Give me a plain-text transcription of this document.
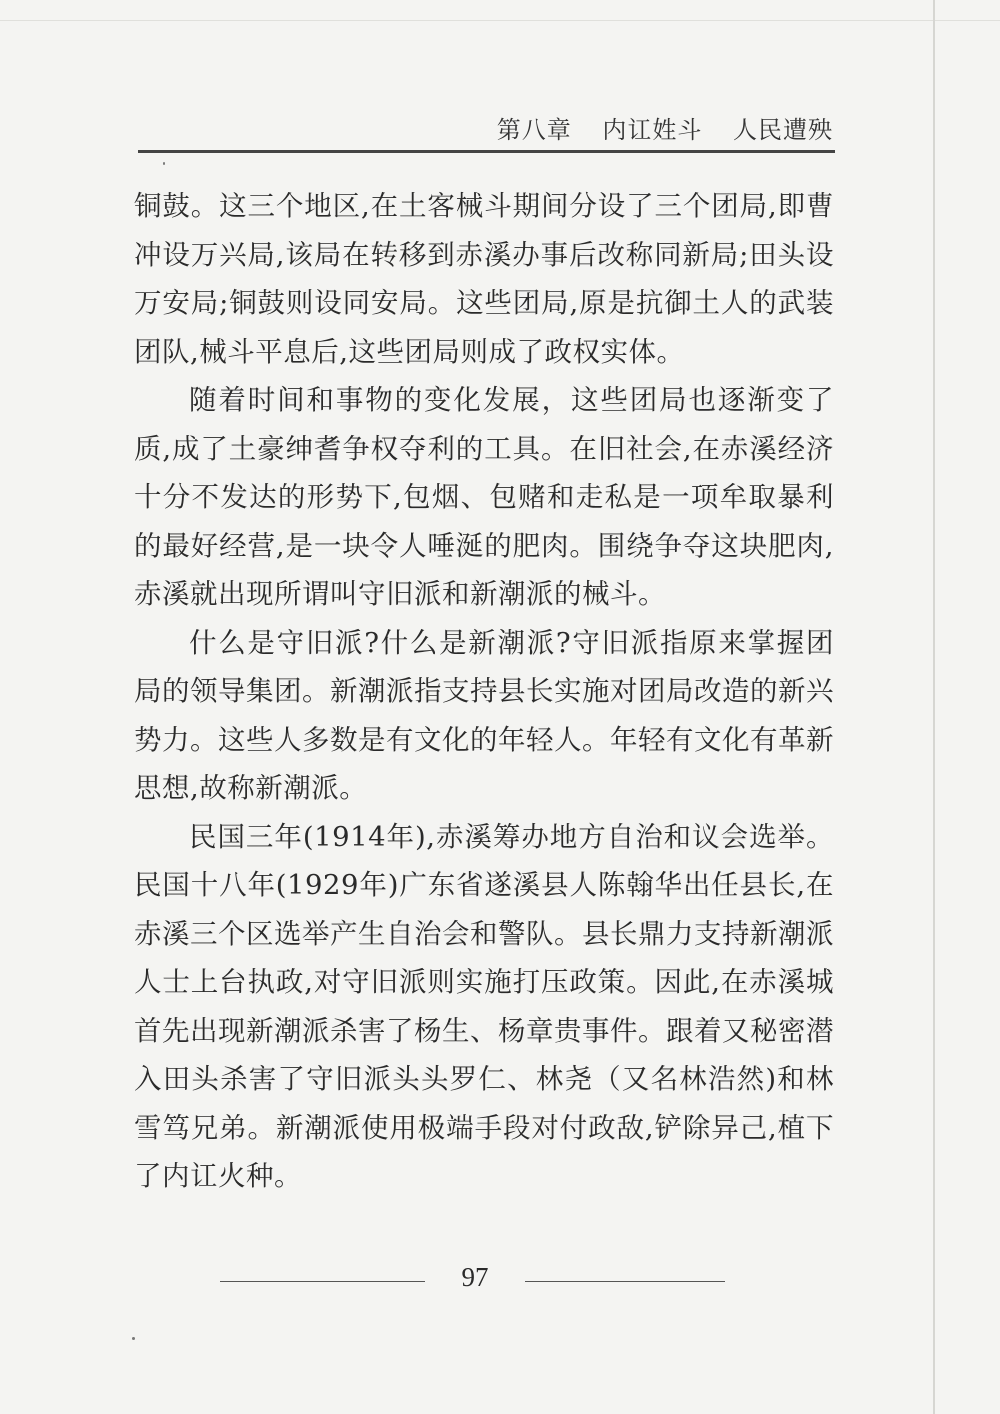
第八章 内讧姓斗 人民遭殃

铜鼓。这三个地区,在土客械斗期间分设了三个团局,即曹冲设万兴局,该局在转移到赤溪办事后改称同新局;田头设万安局;铜鼓则设同安局。这些团局,原是抗御土人的武装团队,械斗平息后,这些团局则成了政权实体。

随着时间和事物的变化发展，这些团局也逐渐变了质,成了土豪绅耆争权夺利的工具。在旧社会,在赤溪经济十分不发达的形势下,包烟、包赌和走私是一项牟取暴利的最好经营,是一块令人唾涎的肥肉。围绕争夺这块肥肉,赤溪就出现所谓叫守旧派和新潮派的械斗。

什么是守旧派?什么是新潮派?守旧派指原来掌握团局的领导集团。新潮派指支持县长实施对团局改造的新兴势力。这些人多数是有文化的年轻人。年轻有文化有革新思想,故称新潮派。

民国三年(1914年),赤溪筹办地方自治和议会选举。民国十八年(1929年)广东省遂溪县人陈翰华出任县长,在赤溪三个区选举产生自治会和警队。县长鼎力支持新潮派人士上台执政,对守旧派则实施打压政策。因此,在赤溪城首先出现新潮派杀害了杨生、杨章贵事件。跟着又秘密潜入田头杀害了守旧派头头罗仁、林尧（又名林浩然)和林雪笃兄弟。新潮派使用极端手段对付政敌,铲除异己,植下了内讧火种。

97
